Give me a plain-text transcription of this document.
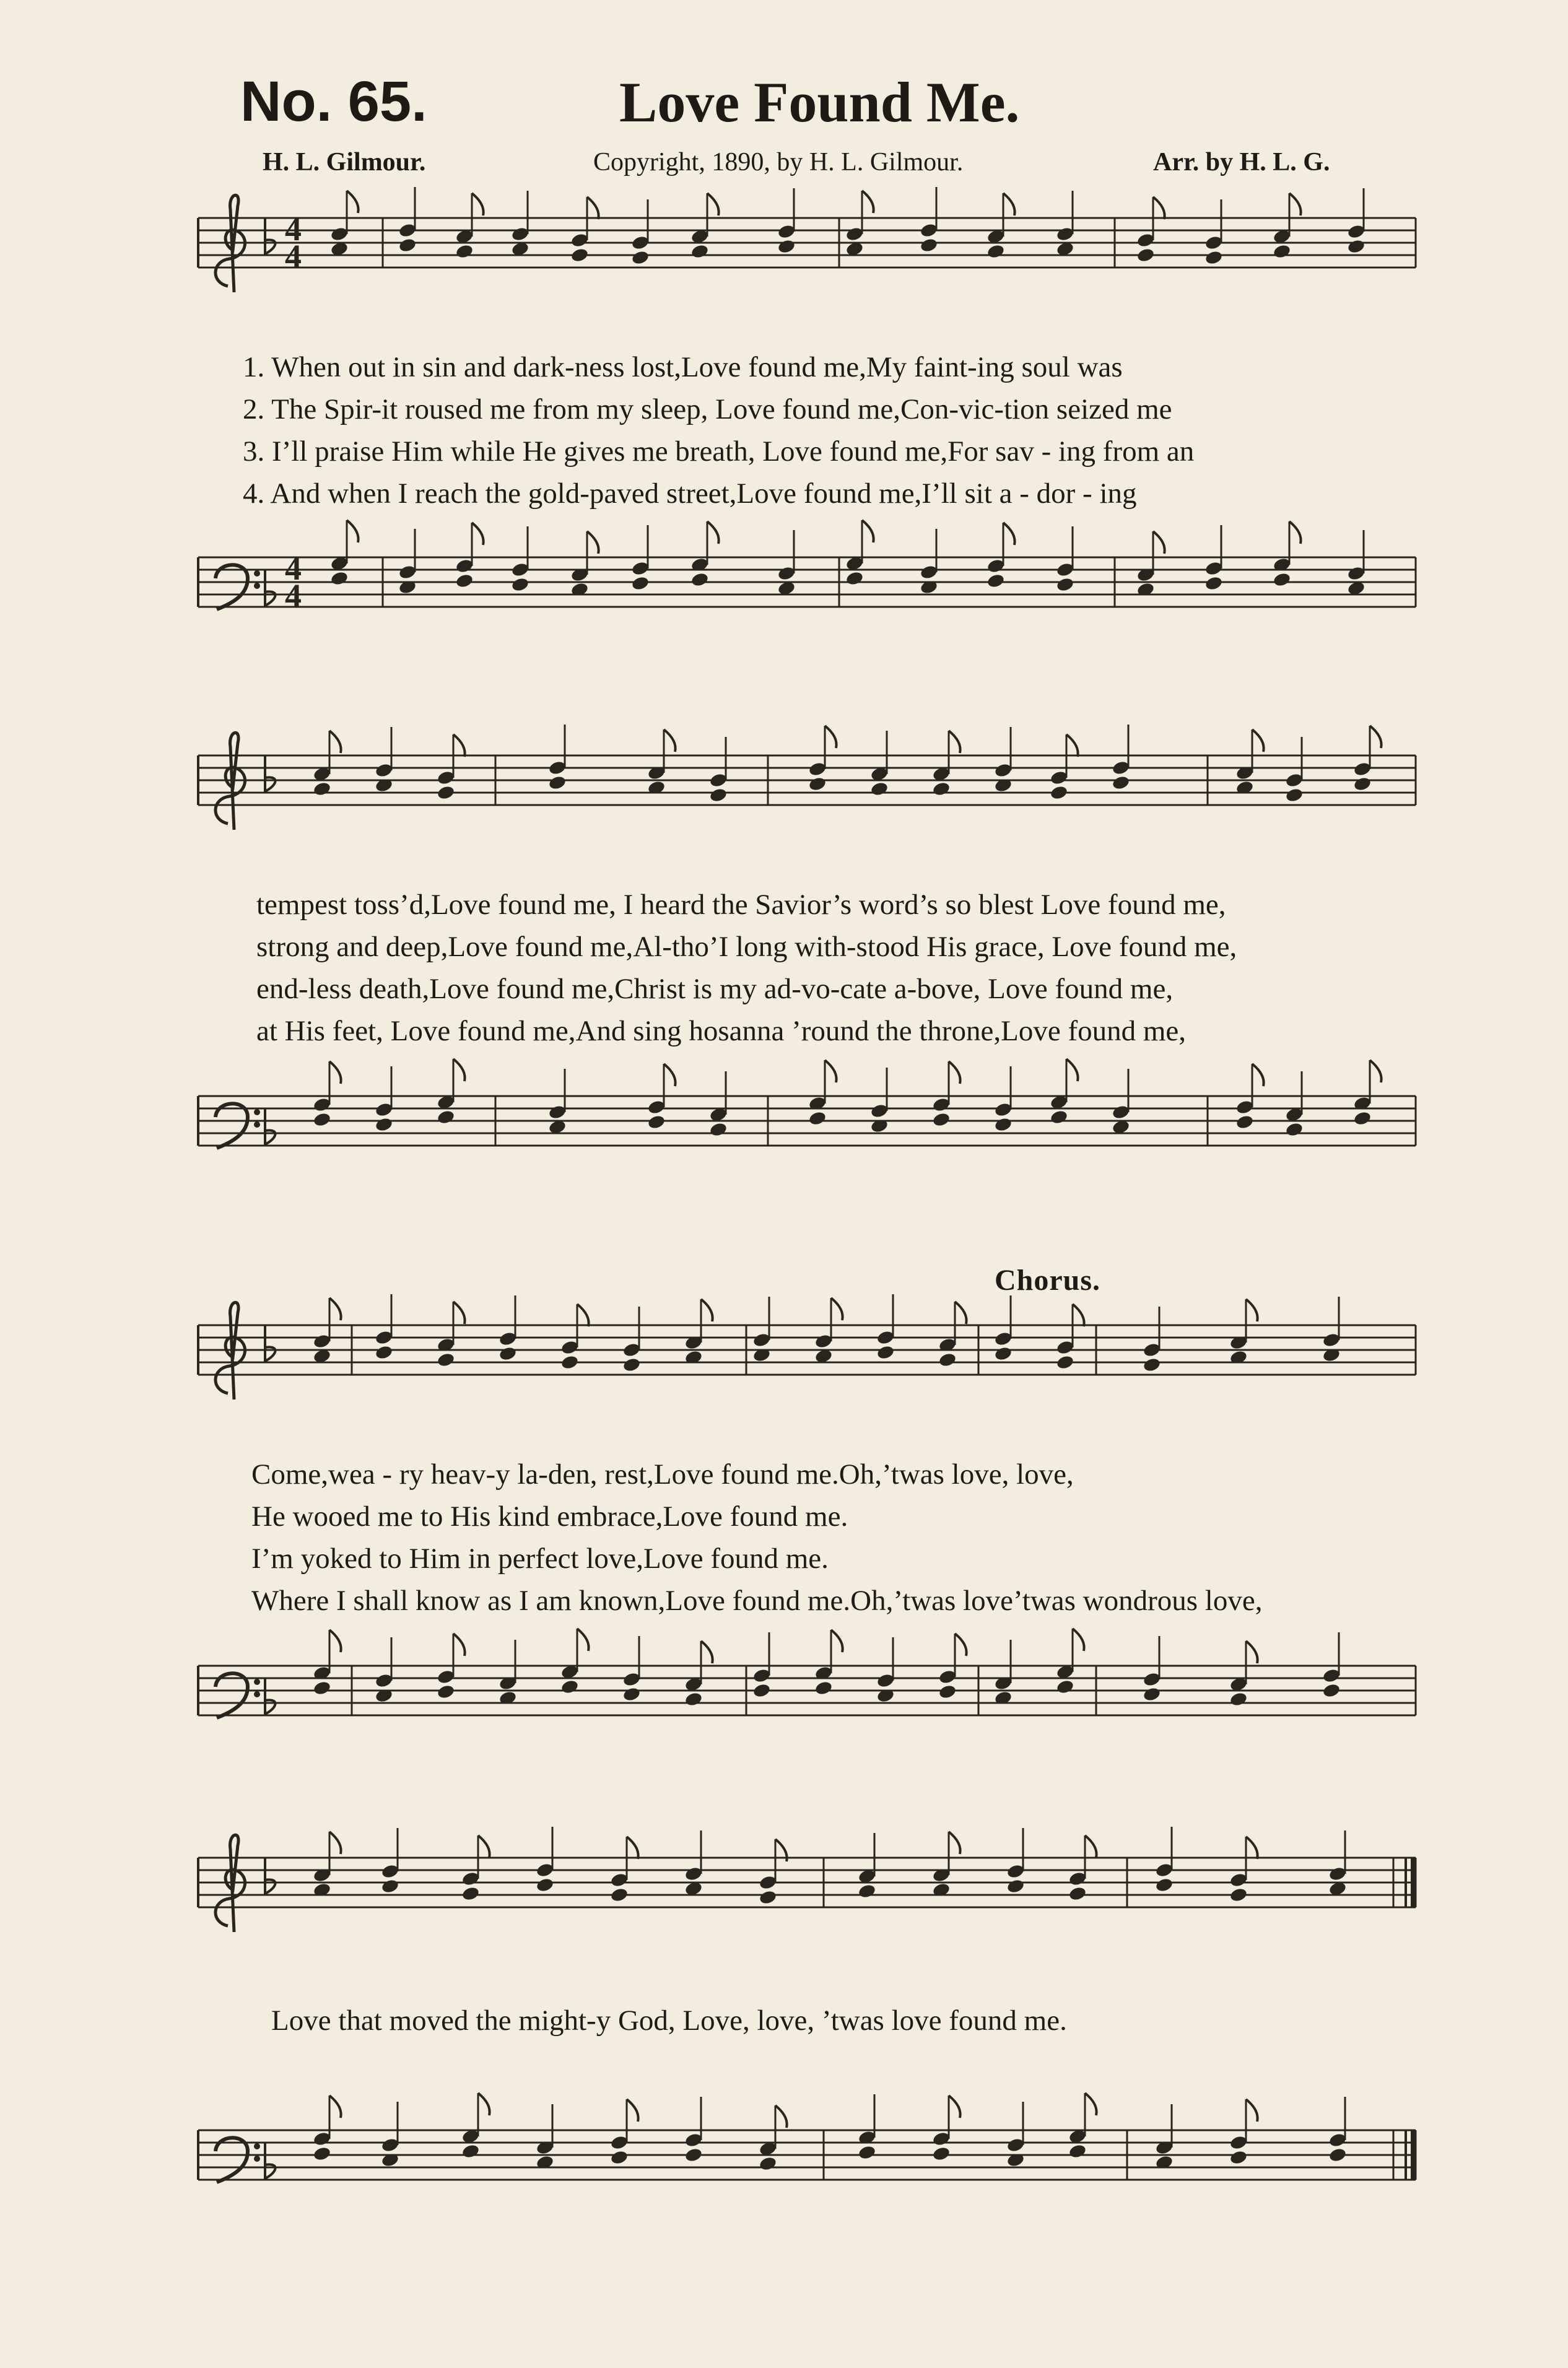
No. 65.	Love Found Me.
H. L. Gilmour.	Copyright, 1890, by H. L. Gilmour.	Arr. by H. L. G.
4
4
4
4
1. When out in sin and dark-ness lost,Love found me,My faint-ing soul was
2. The Spir-it roused me from my sleep, Love found me,Con-vic-tion seized me
3. I’ll praise Him while He gives me breath, Love found me,For sav - ing from an
4. And when I reach the gold-paved street,Love found me,I’ll sit a - dor - ing
tempest toss’d,Love found me, I heard the Savior’s word’s so blest Love found me,
strong and deep,Love found me,Al-tho’I long with-stood His grace, Love found me,
end-less death,Love found me,Christ is my ad-vo-cate a-bove, Love found me,
at His feet, Love found me,And sing hosanna ’round the throne,Love found me,
Chorus.
Come,wea - ry heav-y la-den, rest,Love found me.Oh,’twas love, love,
He wooed me to His kind embrace,Love found me.
I’m yoked to Him in perfect love,Love found me.
Where I shall know as I am known,Love found me.Oh,’twas love’twas wondrous love,
Love that moved the might-y God, Love, love, ’twas love found me.
